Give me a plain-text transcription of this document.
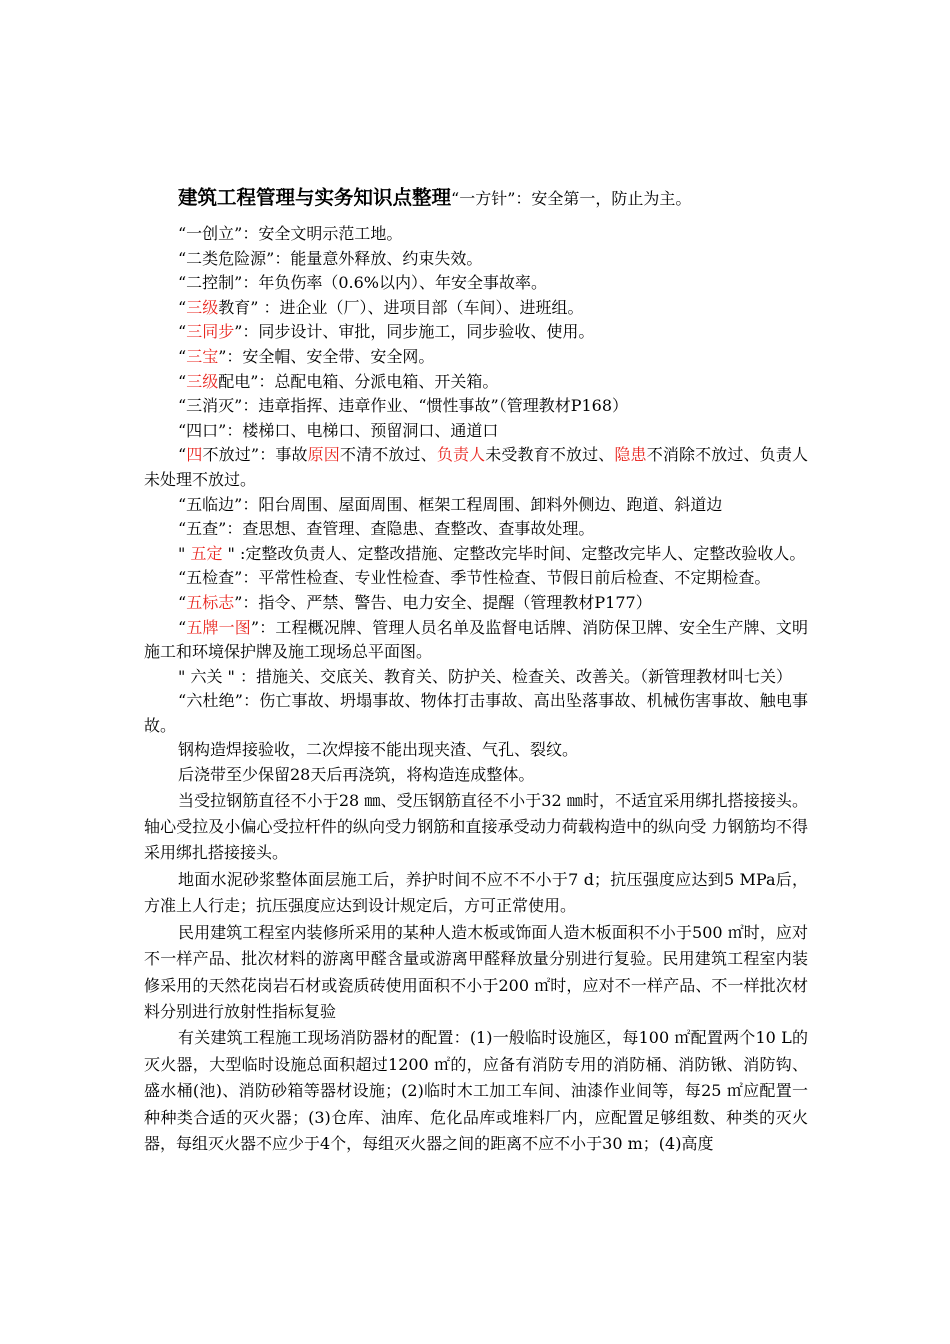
建筑工程管理与实务知识点整理“一方针”：安全第一，防止为主。

“一创立”：安全文明示范工地。

“二类危险源”：能量意外释放、约束失效。

“二控制”：年负伤率（0.6%以内）、年安全事故率。

“三级教育” ：进企业（厂）、进项目部（车间）、进班组。

“三同步”：同步设计、审批，同步施工，同步验收、使用。

“三宝”：安全帽、安全带、安全网。

“三级配电”：总配电箱、分派电箱、开关箱。

“三消灭”：违章指挥、违章作业、“惯性事故”（管理教材P168）

“四口”：楼梯口、电梯口、预留洞口、通道口

“四不放过”：事故原因不清不放过、负责人未受教育不放过、隐患不消除不放过、负责人未处理不放过。

“五临边”：阳台周围、屋面周围、框架工程周围、卸料外侧边、跑道、斜道边

“五查”：查思想、查管理、查隐患、查整改、查事故处理。

" 五定 " :定整改负责人、定整改措施、定整改完毕时间、定整改完毕人、定整改验收人。

“五检查”：平常性检查、专业性检查、季节性检查、节假日前后检查、不定期检查。

“五标志”：指令、严禁、警告、电力安全、提醒（管理教材P177）

“五牌一图”：工程概况牌、管理人员名单及监督电话牌、消防保卫牌、安全生产牌、文明施工和环境保护牌及施工现场总平面图。

" 六关 " ：措施关、交底关、教育关、防护关、检查关、改善关。（新管理教材叫七关）

“六杜绝”：伤亡事故、坍塌事故、物体打击事故、高出坠落事故、机械伤害事故、触电事故。

钢构造焊接验收，二次焊接不能出现夹渣、气孔、裂纹。

后浇带至少保留28天后再浇筑，将构造连成整体。

当受拉钢筋直径不小于28 ㎜、受压钢筋直径不小于32 ㎜时，不适宜采用绑扎搭接接头。轴心受拉及小偏心受拉杆件的纵向受力钢筋和直接承受动力荷载构造中的纵向受 力钢筋均不得采用绑扎搭接接头。

地面水泥砂浆整体面层施工后，养护时间不应不不小于7 d；抗压强度应达到5 MPa后，方准上人行走；抗压强度应达到设计规定后，方可正常使用。

民用建筑工程室内装修所采用的某种人造木板或饰面人造木板面积不小于500 ㎡时，应对不一样产品、批次材料的游离甲醛含量或游离甲醛释放量分别进行复验。民用建筑工程室内装修采用的天然花岗岩石材或瓷质砖使用面积不小于200 ㎡时，应对不一样产品、不一样批次材料分别进行放射性指标复验

有关建筑工程施工现场消防器材的配置：(1)一般临时设施区，每100 ㎡配置两个10 L的灭火器，大型临时设施总面积超过1200 ㎡的，应备有消防专用的消防桶、消防锹、消防钩、盛水桶(池)、消防砂箱等器材设施；(2)临时木工加工车间、油漆作业间等，每25 ㎡应配置一种种类合适的灭火器；(3)仓库、油库、危化品库或堆料厂内，应配置足够组数、种类的灭火器，每组灭火器不应少于4个，每组灭火器之间的距离不应不小于30 m；(4)高度
